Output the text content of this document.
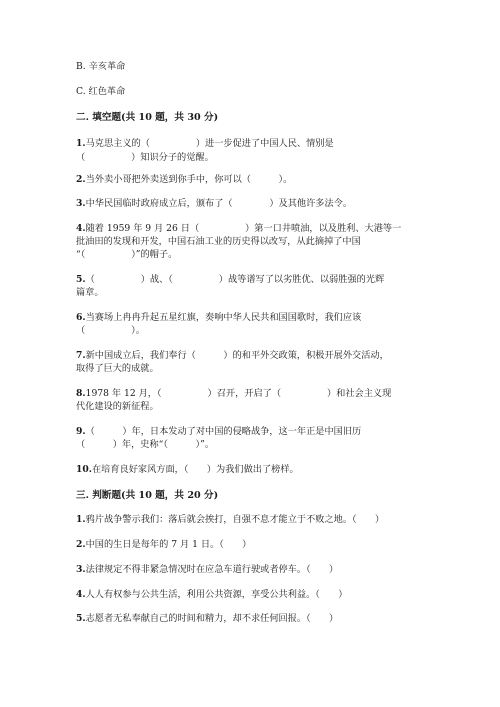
B. 辛亥革命
C. 红色革命
二. 填空题(共 10 题，共 30 分)
1.马克思主义的（　　　　　）进一步促进了中国人民、情别是
（　　　　　）知识分子的觉醒。
2.当外卖小哥把外卖送到你手中，你可以（　　　）。
3.中华民国临时政府成立后，颁布了（　　　　）及其他许多法令。
4.随着 1959 年 9 月 26 日（　　　　　）第一口井喷油，以及胜利、大港等一
批油田的发现和开发，中国石油工业的历史得以改写，从此摘掉了中国
“（　　　　　）”的帽子。
5.（　　　　　）战、（　　　　　）战等谱写了以劣胜优、以弱胜强的光辉
篇章。
6.当赛场上冉冉升起五星红旗，奏响中华人民共和国国歌时，我们应该
（　　　　　）。
7.新中国成立后，我们奉行（　　　）的和平外交政策，积极开展外交活动，
取得了巨大的成就。
8.1978 年 12 月，（　　　　　）召开，开启了（　　　　　）和社会主义现
代化建设的新征程。
9.（　　　）年，日本发动了对中国的侵略战争，这一年正是中国旧历
（　　　）年，史称“（　　　）”。
10.在培育良好家风方面，（　　）为我们做出了榜样。
三. 判断题(共 10 题，共 20 分)
1.鸦片战争警示我们：落后就会挨打，自强不息才能立于不败之地。（　　）
2.中国的生日是每年的 7 月 1 日。（　　）
3.法律规定不得非紧急情况时在应急车道行驶或者停车。（　　）
4.人人有权参与公共生活，利用公共资源，享受公共利益。（　　）
5.志愿者无私奉献自己的时间和精力，却不求任何回报。（　　）
